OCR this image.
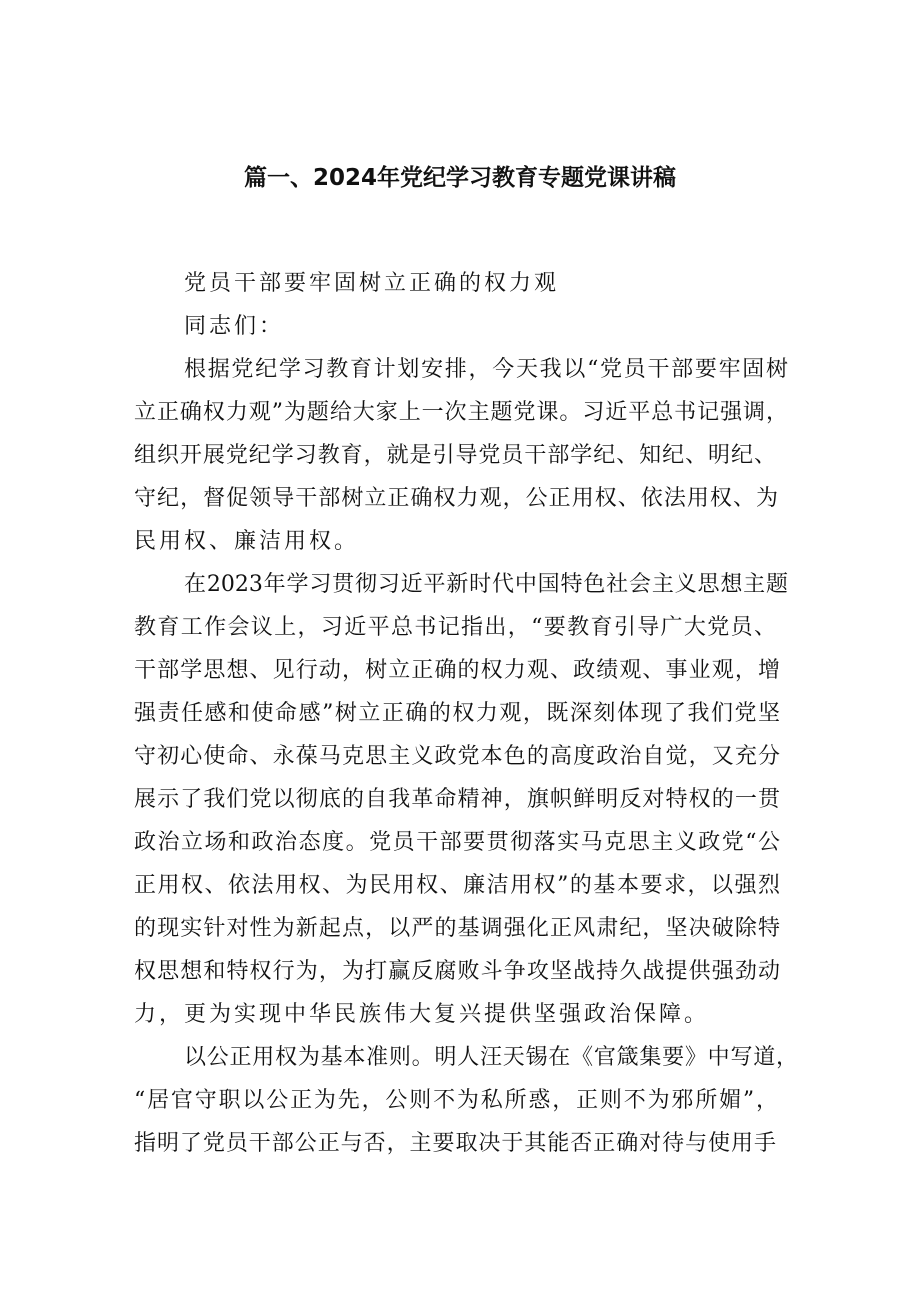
篇一、2024年党纪学习教育专题党课讲稿
党员干部要牢固树立正确的权力观
同志们：
根据党纪学习教育计划安排，今天我以“党员干部要牢固树
立正确权力观”为题给大家上一次主题党课。习近平总书记强调，
组织开展党纪学习教育，就是引导党员干部学纪、知纪、明纪、
守纪，督促领导干部树立正确权力观，公正用权、依法用权、为
民用权、廉洁用权。
在2023年学习贯彻习近平新时代中国特色社会主义思想主题
教育工作会议上，习近平总书记指出，“要教育引导广大党员、
干部学思想、见行动，树立正确的权力观、政绩观、事业观，增
强责任感和使命感”树立正确的权力观，既深刻体现了我们党坚
守初心使命、永葆马克思主义政党本色的高度政治自觉，又充分
展示了我们党以彻底的自我革命精神，旗帜鲜明反对特权的一贯
政治立场和政治态度。党员干部要贯彻落实马克思主义政党“公
正用权、依法用权、为民用权、廉洁用权”的基本要求，以强烈
的现实针对性为新起点，以严的基调强化正风肃纪，坚决破除特
权思想和特权行为，为打赢反腐败斗争攻坚战持久战提供强劲动
力，更为实现中华民族伟大复兴提供坚强政治保障。
以公正用权为基本准则。明人汪天锡在《官箴集要》中写道，
“居官守职以公正为先，公则不为私所惑，正则不为邪所媚”，
指明了党员干部公正与否，主要取决于其能否正确对待与使用手
